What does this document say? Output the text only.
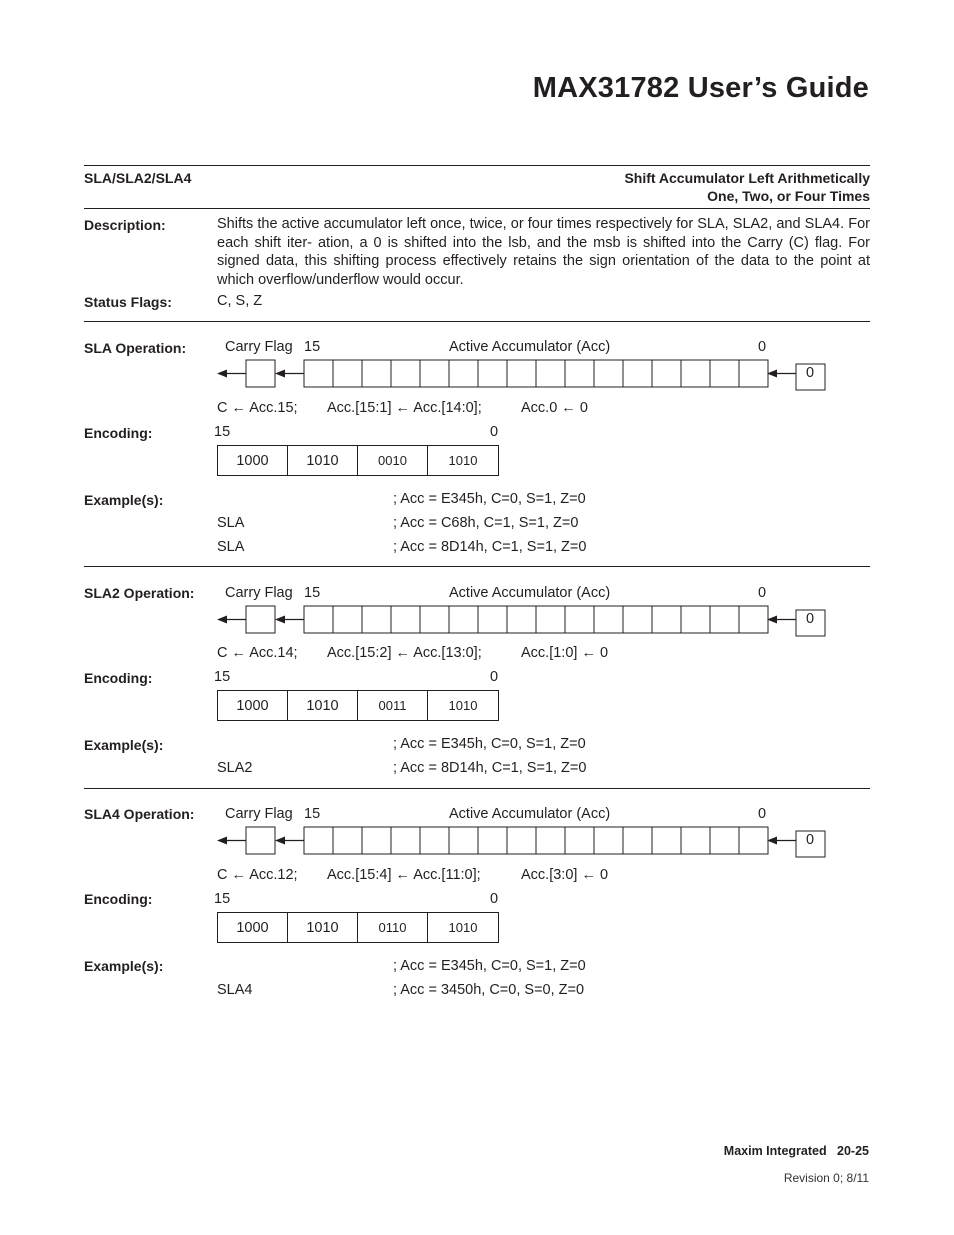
MAX31782 User’s Guide
SLA/SLA2/SLA4	Shift Accumulator Left Arithmetically
One, Two, or Four Times
Description:	Shifts the active accumulator left once, twice, or four times respectively for SLA, SLA2, and SLA4. For each shift iter- ation, a 0 is shifted into the lsb, and the msb is shifted into the Carry (C) flag. For signed data, this shifting process effectively retains the sign orientation of the data to the point at which overflow/underflow would occur.
Status Flags:	C, S, Z
SLA Operation:	Carry Flag 15	Active Accumulator (Acc)	0
0
C ← Acc.15; Acc.[15:1] ← Acc.[14:0];	Acc.0 ← 0
Encoding:	15	0
1000	1010	0010	1010
Example(s):	; Acc = E345h, C=0, S=1, Z=0
SLA	; Acc = C68h, C=1, S=1, Z=0
SLA	; Acc = 8D14h, C=1, S=1, Z=0
SLA2 Operation: Carry Flag 15	Active Accumulator (Acc)	0
0
C ← Acc.14; Acc.[15:2] ← Acc.[13:0];	Acc.[1:0] ← 0
Encoding:	15	0
1000	1010	0011	1010
Example(s):	; Acc = E345h, C=0, S=1, Z=0
SLA2	; Acc = 8D14h, C=1, S=1, Z=0
SLA4 Operation: Carry Flag 15	Active Accumulator (Acc)	0
0
C ← Acc.12; Acc.[15:4] ← Acc.[11:0];	Acc.[3:0] ← 0
Encoding:	15	0
1000	1010	0110	1010
Example(s):	; Acc = E345h, C=0, S=1, Z=0
SLA4	; Acc = 3450h, C=0, S=0, Z=0
Maxim Integrated   20-25
Revision 0; 8/11
